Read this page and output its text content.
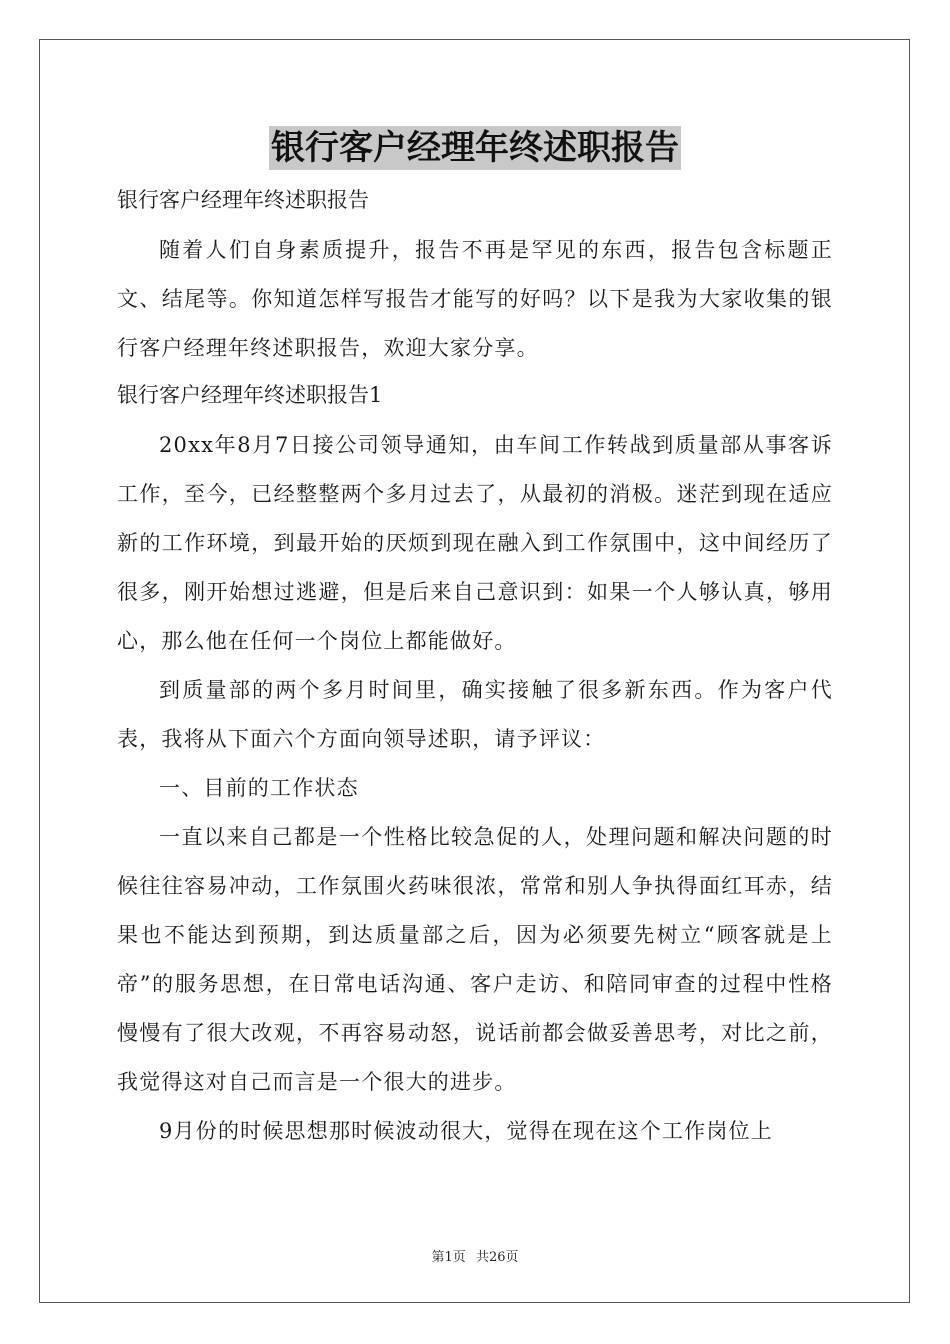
银行客户经理年终述职报告

银行客户经理年终述职报告

随着人们自身素质提升，报告不再是罕见的东西，报告包含标题正文、结尾等。你知道怎样写报告才能写的好吗？以下是我为大家收集的银行客户经理年终述职报告，欢迎大家分享。

银行客户经理年终述职报告1

20xx年8月7日接公司领导通知，由车间工作转战到质量部从事客诉工作，至今，已经整整两个多月过去了，从最初的消极。迷茫到现在适应新的工作环境，到最开始的厌烦到现在融入到工作氛围中，这中间经历了很多，刚开始想过逃避，但是后来自己意识到：如果一个人够认真，够用心，那么他在任何一个岗位上都能做好。

到质量部的两个多月时间里，确实接触了很多新东西。作为客户代表，我将从下面六个方面向领导述职，请予评议：

一、目前的工作状态

一直以来自己都是一个性格比较急促的人，处理问题和解决问题的时候往往容易冲动，工作氛围火药味很浓，常常和别人争执得面红耳赤，结果也不能达到预期，到达质量部之后，因为必须要先树立“顾客就是上帝”的服务思想，在日常电话沟通、客户走访、和陪同审查的过程中性格慢慢有了很大改观，不再容易动怒，说话前都会做妥善思考，对比之前，我觉得这对自己而言是一个很大的进步。

9月份的时候思想那时候波动很大，觉得在现在这个工作岗位上

第1页 共26页
